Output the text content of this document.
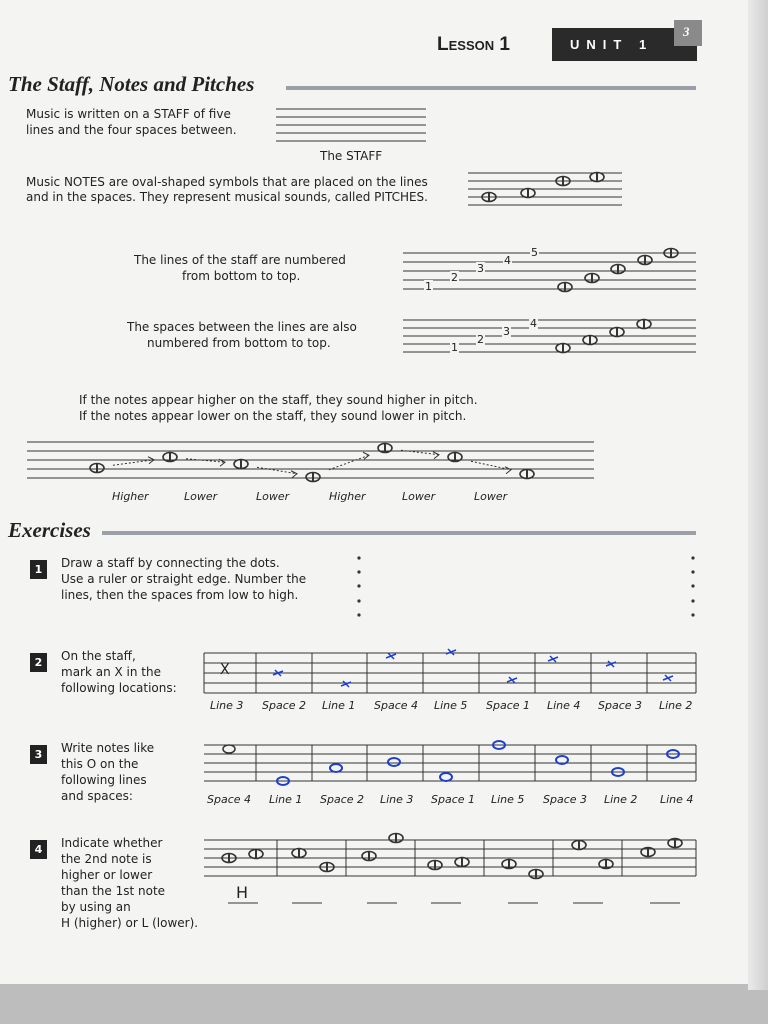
Lesson 1	UNIT 1
3
The Staff, Notes and Pitches
Music is written on a STAFF of five
lines and the four spaces between.
The STAFF
Music NOTES are oval-shaped symbols that are placed on the lines
and in the spaces. They represent musical sounds, called PITCHES.
The lines of the staff are numbered
from bottom to top.
The spaces between the lines are also
numbered from bottom to top.
If the notes appear higher on the staff, they sound higher in pitch.
If the notes appear lower on the staff, they sound lower in pitch.
1
2
3
4
5
1
2
3
4
Higher	Lower	Lower	Higher	Lower	Lower
Exercises
1	Draw a staff by connecting the dots.
Use a ruler or straight edge. Number the
lines, then the spaces from low to high.
2	On the staff,
mark an X in the
following locations:
X
3	Write notes like
this O on the
following lines
and spaces:
4	Indicate whether
the 2nd note is
higher or lower
than the 1st note
by using an
H (higher) or L (lower).
H
Line 3 Space 2 Line 1 Space 4 Line 5 Space 1 Line 4 Space 3 Line 2
Space 4 Line 1 Space 2 Line 3 Space 1 Line 5 Space 3 Line 2 Line 4
